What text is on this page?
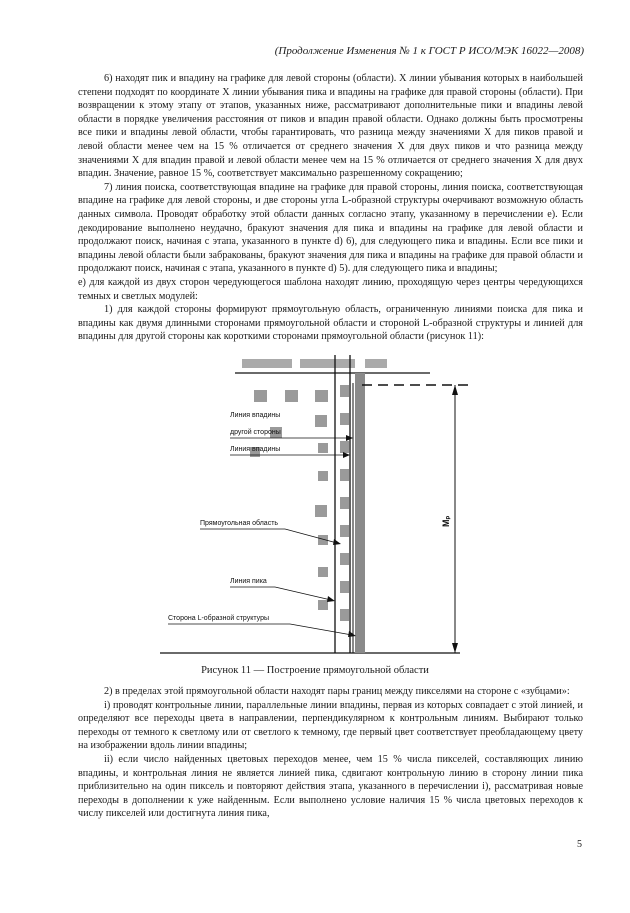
(Продолжение Изменения № 1 к ГОСТ Р ИСО/МЭК 16022—2008)

6) находят пик и впадину на графике для левой стороны (области). X линии убывания которых в наибольшей степени подходят по координате X линии убывания пика и впадины на графике для правой стороны (области). При возвращении к этому этапу от этапов, указанных ниже, рассматривают дополнительные пики и впадины левой области в порядке увеличения расстояния от пиков и впадин правой области. Однако должны быть просмотрены все пики и впадины левой области, чтобы гарантировать, что разница между значениями X для пиков правой и левой области менее чем на 15 % отличается от среднего значения X для двух пиков и что разница между значениями X для впадин правой и левой области менее чем на 15 % отличается от среднего значения X для двух впадин. Значение, равное 15 %, соответствует максимально разрешенному сокращению;

7) линия поиска, соответствующая впадине на графике для правой стороны, линия поиска, соответствующая впадине на графике для левой стороны, и две стороны угла L-образной структуры очерчивают возможную область данных символа. Проводят обработку этой области данных согласно этапу, указанному в перечислении е). Если декодирование выполнено неудачно, бракуют значения для пика и впадины на графике для левой области и продолжают поиск, начиная с этапа, указанного в пункте d) 6), для следующего пика и впадины. Если все пики и впадины левой области были забракованы, бракуют значения для пика и впадины на графике для правой области и продолжают поиск, начиная с этапа, указанного в пункте d) 5). для следующего пика и впадины;

е) для каждой из двух сторон чередующегося шаблона находят линию, проходящую через центры чередующихся темных и светлых модулей:

1) для каждой стороны формируют прямоугольную область, ограниченную линиями поиска для пика и впадины как двумя длинными сторонами прямоугольной области и стороной L-образной структуры и линией для впадины для другой стороны как короткими сторонами прямоугольной области (рисунок 11):

Mₚ
Линия впадины
другой стороны
Линия впадины
Прямоугольная область
Линия пика
Сторона L-образной структуры
Рисунок 11 — Построение прямоугольной области

2) в пределах этой прямоугольной области находят пары границ между пикселями на стороне с «зубцами»:

i) проводят контрольные линии, параллельные линии впадины, первая из которых совпадает с этой линией, и определяют все переходы цвета в направлении, перпендикулярном к контрольным линиям. Выбирают только переходы от темного к светлому или от светлого к темному, где первый цвет соответствует преобладающему цвету на изображении вдоль линии впадины;

ii) если число найденных цветовых переходов менее, чем 15 % числа пикселей, составляющих линию впадины, и контрольная линия не является линией пика, сдвигают контрольную линию в сторону линии пика приблизительно на один пиксель и повторяют действия этапа, указанного в перечислении i), рассматривая новые переходы в дополнении к уже найденным. Если выполнено условие наличия 15 % числа цветовых переходов к числу пикселей или достигнута линия пика,

5
